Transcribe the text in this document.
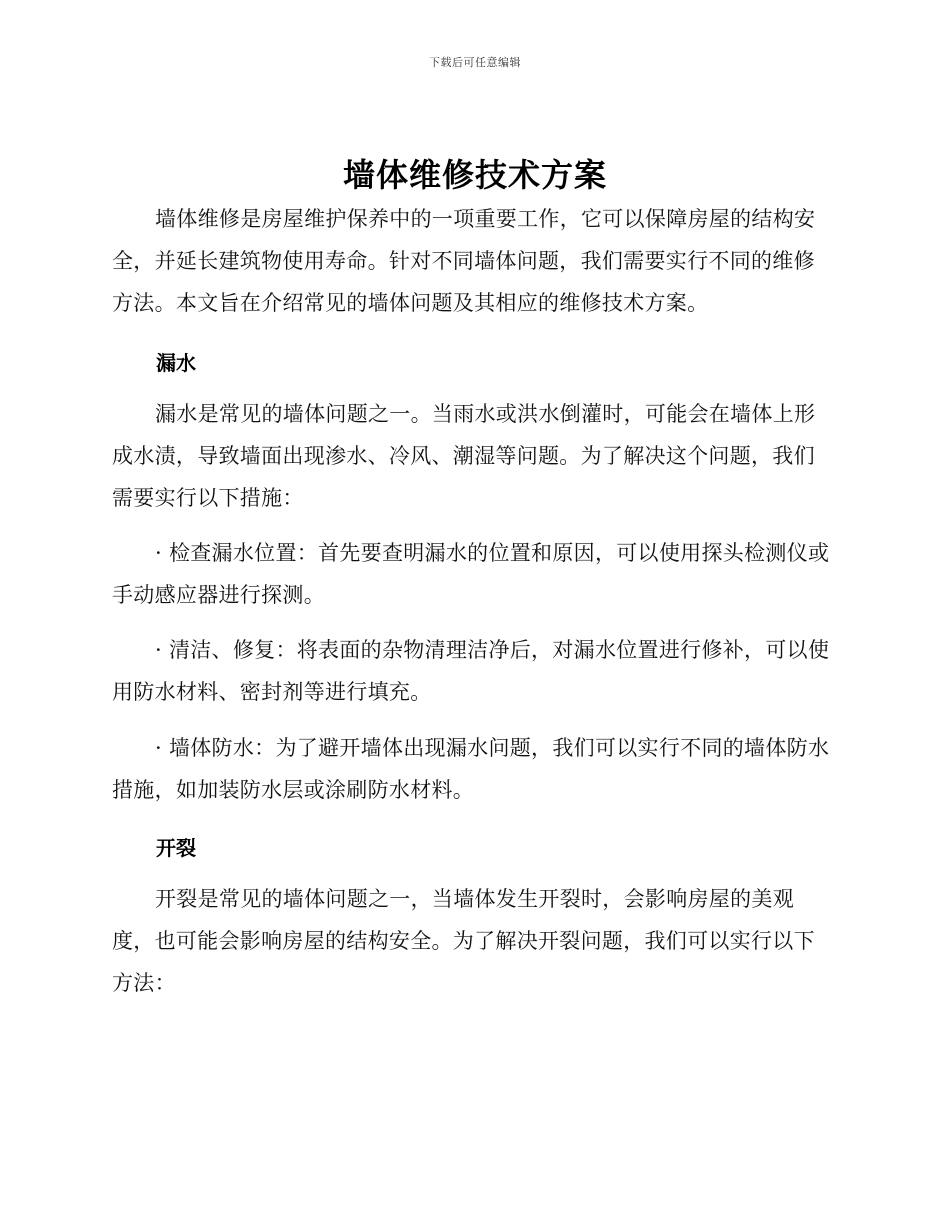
下载后可任意编辑
墙体维修技术方案

墙体维修是房屋维护保养中的一项重要工作，它可以保障房屋的结构安全，并延长建筑物使用寿命。针对不同墙体问题，我们需要实行不同的维修方法。本文旨在介绍常见的墙体问题及其相应的维修技术方案。

漏水

漏水是常见的墙体问题之一。当雨水或洪水倒灌时，可能会在墙体上形成水渍，导致墙面出现渗水、冷风、潮湿等问题。为了解决这个问题，我们需要实行以下措施：

· 检查漏水位置：首先要查明漏水的位置和原因，可以使用探头检测仪或手动感应器进行探测。

· 清洁、修复：将表面的杂物清理洁净后，对漏水位置进行修补，可以使用防水材料、密封剂等进行填充。

· 墙体防水：为了避开墙体出现漏水问题，我们可以实行不同的墙体防水措施，如加装防水层或涂刷防水材料。

开裂

开裂是常见的墙体问题之一，当墙体发生开裂时，会影响房屋的美观度，也可能会影响房屋的结构安全。为了解决开裂问题，我们可以实行以下方法：
